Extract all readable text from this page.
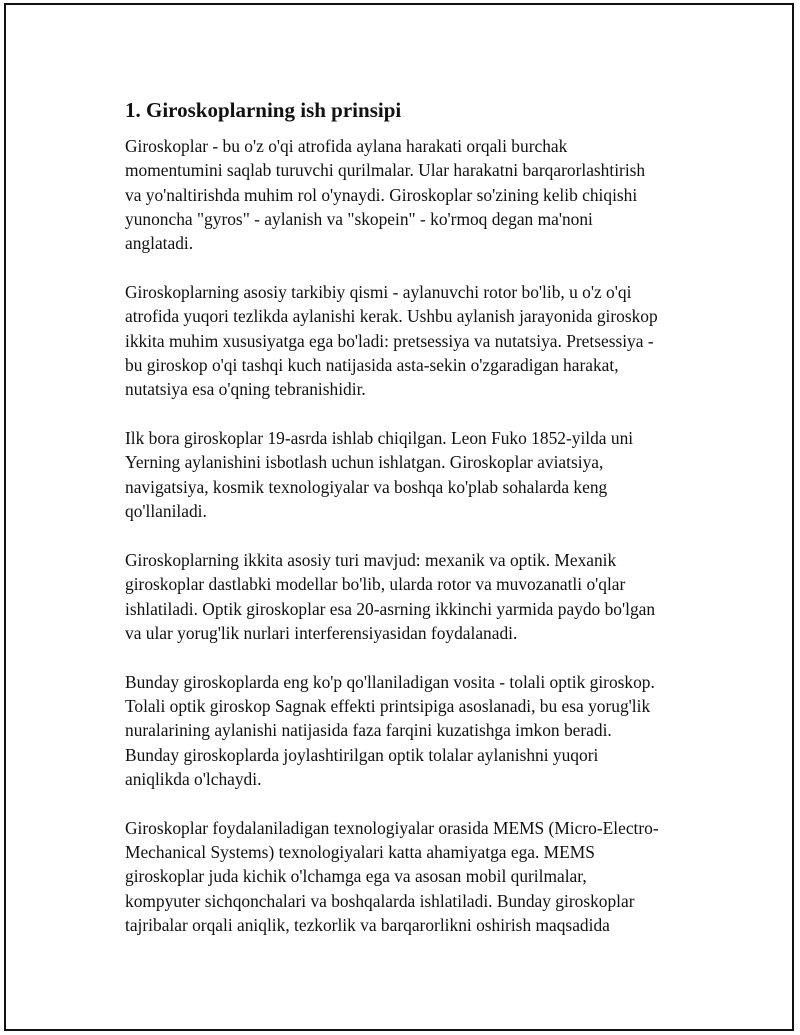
1. Giroskoplarning ish prinsipi
Giroskoplar - bu o'z o'qi atrofida aylana harakati orqali burchak
momentumini saqlab turuvchi qurilmalar. Ular harakatni barqarorlashtirish
va yo'naltirishda muhim rol o'ynaydi. Giroskoplar so'zining kelib chiqishi
yunoncha "gyros" - aylanish va "skopein" - ko'rmoq degan ma'noni
anglatadi.
Giroskoplarning asosiy tarkibiy qismi - aylanuvchi rotor bo'lib, u o'z o'qi
atrofida yuqori tezlikda aylanishi kerak. Ushbu aylanish jarayonida giroskop
ikkita muhim xususiyatga ega bo'ladi: pretsessiya va nutatsiya. Pretsessiya -
bu giroskop o'qi tashqi kuch natijasida asta-sekin o'zgaradigan harakat,
nutatsiya esa o'qning tebranishidir.
Ilk bora giroskoplar 19-asrda ishlab chiqilgan. Leon Fuko 1852-yilda uni
Yerning aylanishini isbotlash uchun ishlatgan. Giroskoplar aviatsiya,
navigatsiya, kosmik texnologiyalar va boshqa ko'plab sohalarda keng
qo'llaniladi.
Giroskoplarning ikkita asosiy turi mavjud: mexanik va optik. Mexanik
giroskoplar dastlabki modellar bo'lib, ularda rotor va muvozanatli o'qlar
ishlatiladi. Optik giroskoplar esa 20-asrning ikkinchi yarmida paydo bo'lgan
va ular yorug'lik nurlari interferensiyasidan foydalanadi.
Bunday giroskoplarda eng ko'p qo'llaniladigan vosita - tolali optik giroskop.
Tolali optik giroskop Sagnak effekti printsipiga asoslanadi, bu esa yorug'lik
nuralarining aylanishi natijasida faza farqini kuzatishga imkon beradi.
Bunday giroskoplarda joylashtirilgan optik tolalar aylanishni yuqori
aniqlikda o'lchaydi.
Giroskoplar foydalaniladigan texnologiyalar orasida MEMS (Micro-Electro-
Mechanical Systems) texnologiyalari katta ahamiyatga ega. MEMS
giroskoplar juda kichik o'lchamga ega va asosan mobil qurilmalar,
kompyuter sichqonchalari va boshqalarda ishlatiladi. Bunday giroskoplar
tajribalar orqali aniqlik, tezkorlik va barqarorlikni oshirish maqsadida
